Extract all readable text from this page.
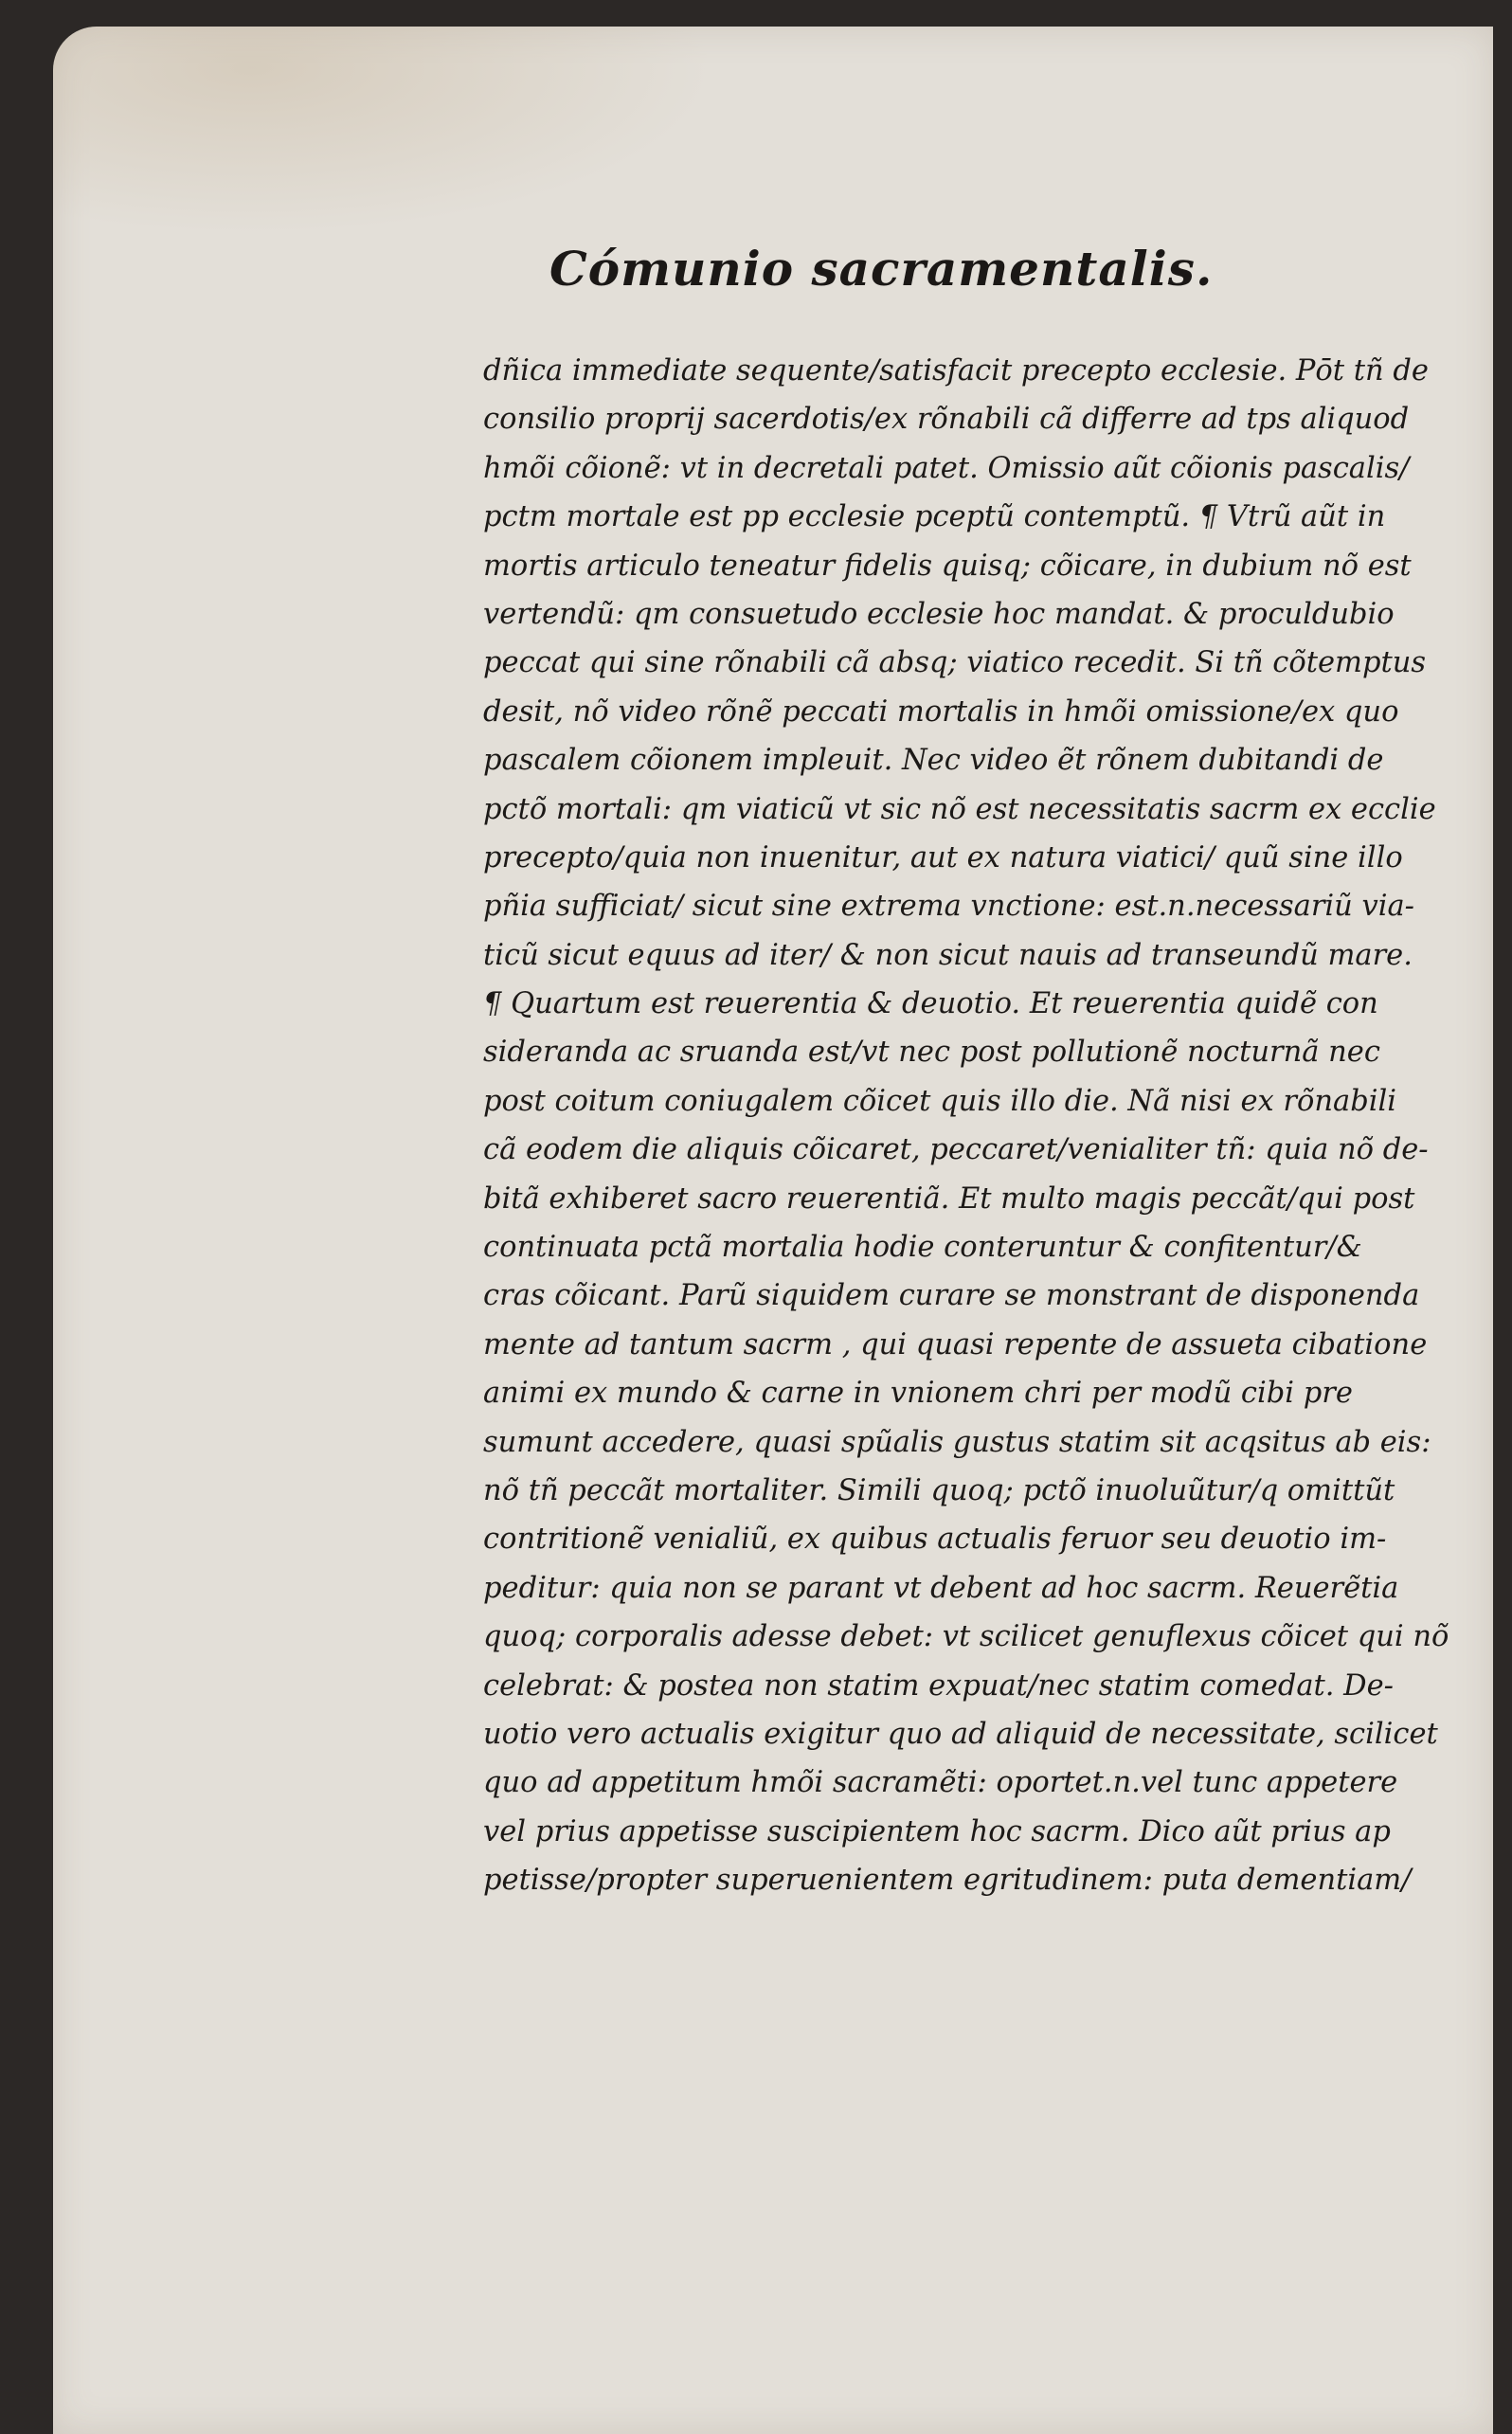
Cómunio sacramentalis.
dñica immediate sequente/satisfacit precepto ecclesie. Pōt tñ de
consilio proprij sacerdotis/ex rõnabili cã differre ad tps aliquod
hmõi cõionẽ: vt in decretali patet. Omissio aũt cõionis pascalis/
pctm mortale est pp ecclesie pceptũ contemptũ. ¶ Vtrũ aũt in
mortis articulo teneatur fidelis quisq; cõicare, in dubium nõ est
vertendũ: qm consuetudo ecclesie hoc mandat. & proculdubio
peccat qui sine rõnabili cã absq; viatico recedit. Si tñ cõtemptus
desit, nõ video rõnẽ peccati mortalis in hmõi omissione/ex quo
pascalem cõionem impleuit. Nec video ẽt rõnem dubitandi de
pctõ mortali: qm viaticũ vt sic nõ est necessitatis sacrm ex ecclie
precepto/quia non inuenitur, aut ex natura viatici/ quũ sine illo
pñia sufficiat/ sicut sine extrema vnctione: est.n.necessariũ via-
ticũ sicut equus ad iter/ & non sicut nauis ad transeundũ mare.
¶ Quartum est reuerentia & deuotio. Et reuerentia quidẽ con
sideranda ac sruanda est/vt nec post pollutionẽ nocturnã nec
post coitum coniugalem cõicet quis illo die. Nã nisi ex rõnabili
cã eodem die aliquis cõicaret, peccaret/venialiter tñ: quia nõ de-
bitã exhiberet sacro reuerentiã. Et multo magis peccãt/qui post
continuata pctã mortalia hodie conteruntur & confitentur/&
cras cõicant. Parũ siquidem curare se monstrant de disponenda
mente ad tantum sacrm , qui quasi repente de assueta cibatione
animi ex mundo & carne in vnionem chri per modũ cibi pre
sumunt accedere, quasi spũalis gustus statim sit acqsitus ab eis:
nõ tñ peccãt mortaliter. Simili quoq; pctõ inuoluũtur/q omittũt
contritionẽ venialiũ, ex quibus actualis feruor seu deuotio im-
peditur: quia non se parant vt debent ad hoc sacrm. Reuerẽtia
quoq; corporalis adesse debet: vt scilicet genuflexus cõicet qui nõ
celebrat: & postea non statim expuat/nec statim comedat. De-
uotio vero actualis exigitur quo ad aliquid de necessitate, scilicet
quo ad appetitum hmõi sacramẽti: oportet.n.vel tunc appetere
vel prius appetisse suscipientem hoc sacrm. Dico aũt prius ap
petisse/propter superuenientem egritudinem: puta dementiam/
